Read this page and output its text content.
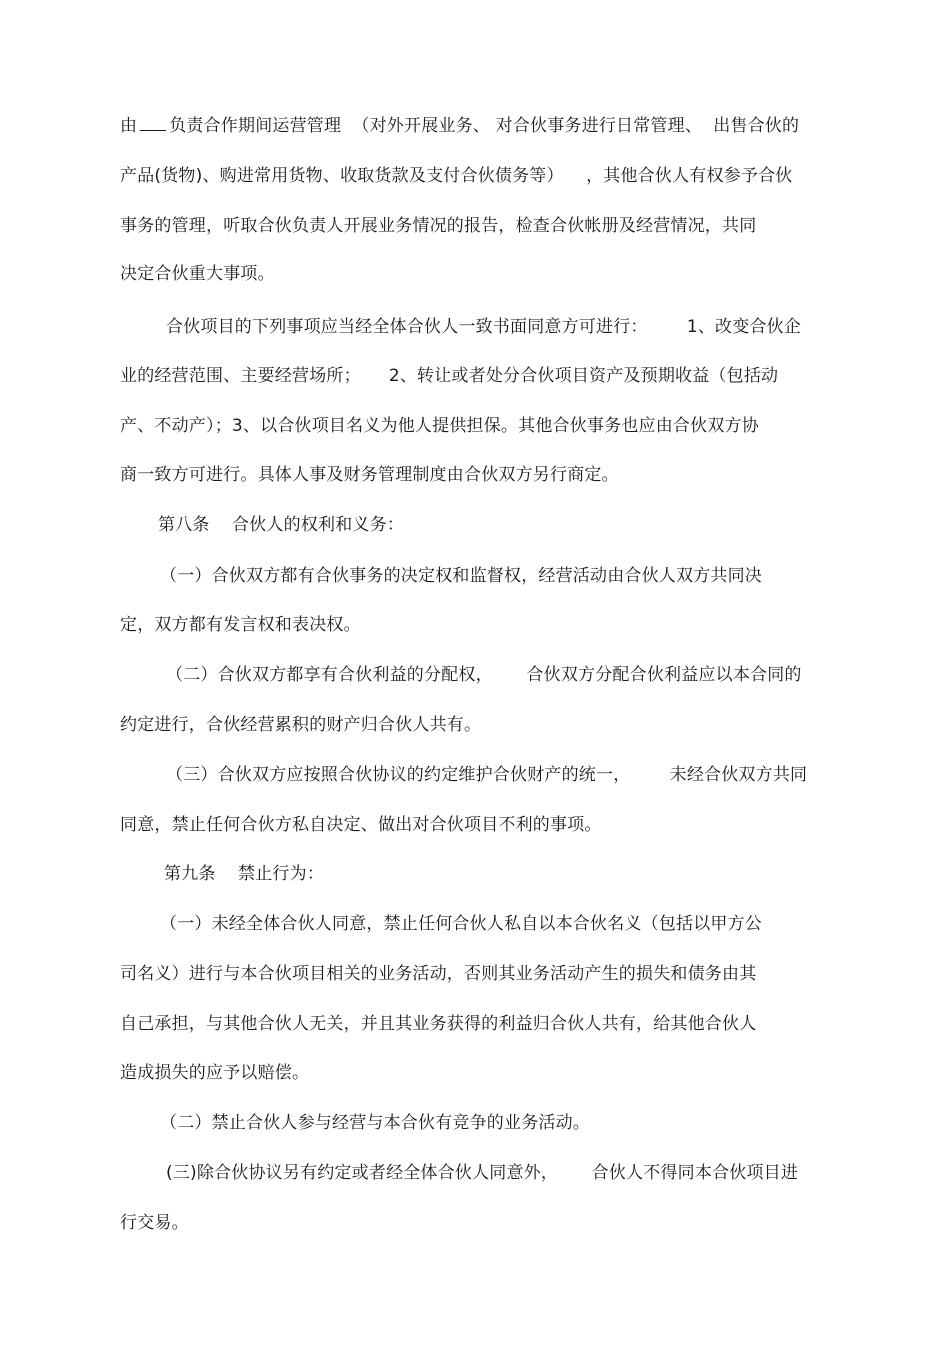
由 负责合作期间运营管理  （对外开展业务、 对合伙事务进行日常管理、  出售合伙的
产品(货物)、购进常用货物、收取货款及支付合伙债务等）    ，其他合伙人有权参予合伙
事务的管理，听取合伙负责人开展业务情况的报告，检查合伙帐册及经营情况，共同
决定合伙重大事项。
合伙项目的下列事项应当经全体合伙人一致书面同意方可进行：       1、改变合伙企
业的经营范围、主要经营场所；     2、转让或者处分合伙项目资产及预期收益（包括动
产、不动产）；3、以合伙项目名义为他人提供担保。其他合伙事务也应由合伙双方协
商一致方可进行。具体人事及财务管理制度由合伙双方另行商定。
第八条    合伙人的权利和义务：
（一）合伙双方都有合伙事务的决定权和监督权，经营活动由合伙人双方共同决
定，双方都有发言权和表决权。
（二）合伙双方都享有合伙利益的分配权，      合伙双方分配合伙利益应以本合同的
约定进行，合伙经营累积的财产归合伙人共有。
（三）合伙双方应按照合伙协议的约定维护合伙财产的统一，       未经合伙双方共同
同意，禁止任何合伙方私自决定、做出对合伙项目不利的事项。
第九条    禁止行为：
（一）未经全体合伙人同意，禁止任何合伙人私自以本合伙名义（包括以甲方公
司名义）进行与本合伙项目相关的业务活动，否则其业务活动产生的损失和债务由其
自己承担，与其他合伙人无关，并且其业务获得的利益归合伙人共有，给其他合伙人
造成损失的应予以赔偿。
（二）禁止合伙人参与经营与本合伙有竞争的业务活动。
(三)除合伙协议另有约定或者经全体合伙人同意外，      合伙人不得同本合伙项目进
行交易。
